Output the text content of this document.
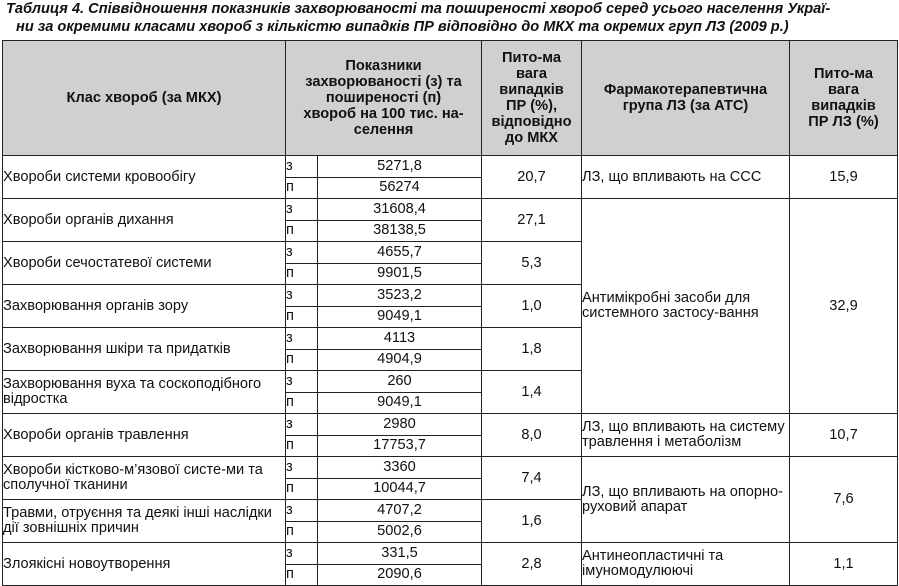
Таблиця 4. Співвідношення показників захворюваності та поширеності хвороб серед усього населення Украї-
ни за окремими класами хвороб з кількістю випадків ПР відповідно до МКХ та окремих груп ЛЗ (2009 р.)
Клас хвороб (за МКХ)	Показники захворюваності (з) та поширеності (п) хвороб на 100 тис. на-селення		Пито-ма вага випадків ПР (%), відповідно до МКХ	Фармакотерапевтична група ЛЗ (за АТС)	Пито-ма вага випадків ПР ЛЗ (%)
Хвороби системи кровообігу	з	5271,8	20,7	ЛЗ, що впливають на ССС	15,9
	п	56274			
Хвороби органів дихання	з	31608,4	27,1	Антимікробні засоби для системного застосу-вання	32,9
	п	38138,5			
Хвороби сечостатевої системи	з	4655,7	5,3		
	п	9901,5			
Захворювання органів зору	з	3523,2	1,0		
	п	9049,1			
Захворювання шкіри та придатків	з	4113	1,8		
	п	4904,9			
Захворювання вуха та соскоподібного відростка	з	260	1,4		
	п	9049,1			
Хвороби органів травлення	з	2980	8,0	ЛЗ, що впливають на систему травлення і метаболізм	10,7
	п	17753,7			
Хвороби кістково-м’язової систе-ми та сполучної тканини	з	3360	7,4	ЛЗ, що впливають на опорно-руховий апарат	7,6
	п	10044,7			
Травми, отруєння та деякі інші наслідки дії зовнішніх причин	з	4707,2	1,6		
	п	5002,6			
Злоякісні новоутворення	з	331,5	2,8	Антинеопластичні та імуномодулюючі	1,1
	п	2090,6			
